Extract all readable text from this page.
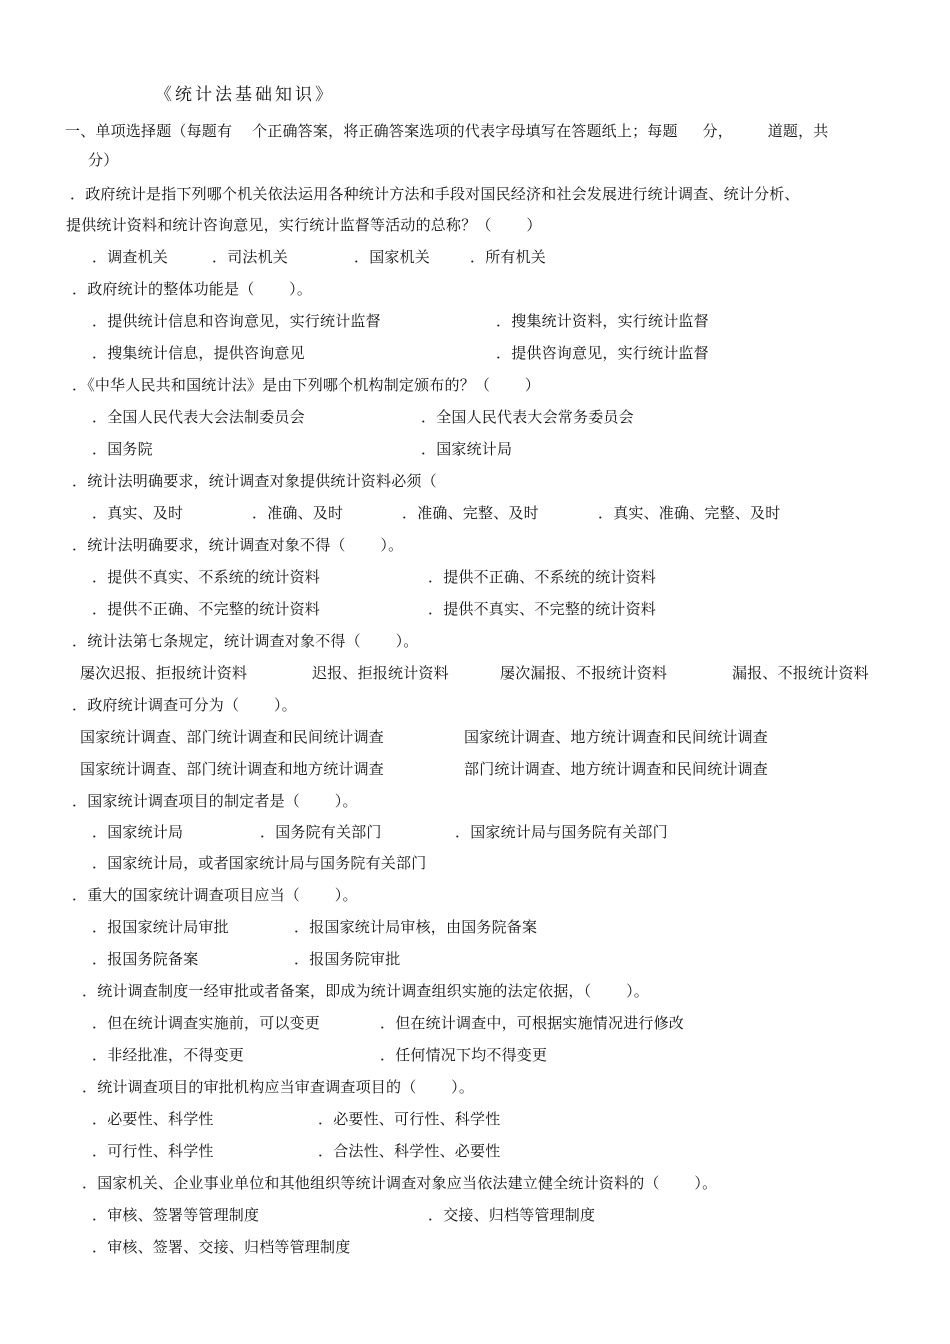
《统计法基础知识》
一、单项选择题（每题有    个正确答案，将正确答案选项的代表字母填写在答题纸上；每题     分，       道题，共
分）
．政府统计是指下列哪个机关依法运用各种统计方法和手段对国民经济和社会发展进行统计调查、统计分析、
提供统计资料和统计咨询意见，实行统计监督等活动的总称？（       ）
．调查机关	．司法机关	．国家机关	．所有机关
．政府统计的整体功能是（       ）。
．提供统计信息和咨询意见，实行统计监督	．搜集统计资料，实行统计监督
．搜集统计信息，提供咨询意见	．提供咨询意见，实行统计监督
．《中华人民共和国统计法》是由下列哪个机构制定颁布的？（       ）
．全国人民代表大会法制委员会	．全国人民代表大会常务委员会
．国务院	．国家统计局
．统计法明确要求，统计调查对象提供统计资料必须（
．真实、及时	．准确、及时	．准确、完整、及时	．真实、准确、完整、及时
．统计法明确要求，统计调查对象不得（       ）。
．提供不真实、不系统的统计资料	．提供不正确、不系统的统计资料
．提供不正确、不完整的统计资料	．提供不真实、不完整的统计资料
．统计法第七条规定，统计调查对象不得（       ）。
屡次迟报、拒报统计资料	迟报、拒报统计资料	屡次漏报、不报统计资料	漏报、不报统计资料
．政府统计调查可分为（       ）。
国家统计调查、部门统计调查和民间统计调查	国家统计调查、地方统计调查和民间统计调查
国家统计调查、部门统计调查和地方统计调查	部门统计调查、地方统计调查和民间统计调查
．国家统计调查项目的制定者是（       ）。
．国家统计局	．国务院有关部门	．国家统计局与国务院有关部门
．国家统计局，或者国家统计局与国务院有关部门
．重大的国家统计调查项目应当（       ）。
．报国家统计局审批	．报国家统计局审核，由国务院备案
．报国务院备案	．报国务院审批
．统计调查制度一经审批或者备案，即成为统计调查组织实施的法定依据，（       ）。
．但在统计调查实施前，可以变更	．但在统计调查中，可根据实施情况进行修改
．非经批准，不得变更	．任何情况下均不得变更
．统计调查项目的审批机构应当审查调查项目的（       ）。
．必要性、科学性	．必要性、可行性、科学性
．可行性、科学性	．合法性、科学性、必要性
．国家机关、企业事业单位和其他组织等统计调查对象应当依法建立健全统计资料的（       ）。
．审核、签署等管理制度	．交接、归档等管理制度
．审核、签署、交接、归档等管理制度
